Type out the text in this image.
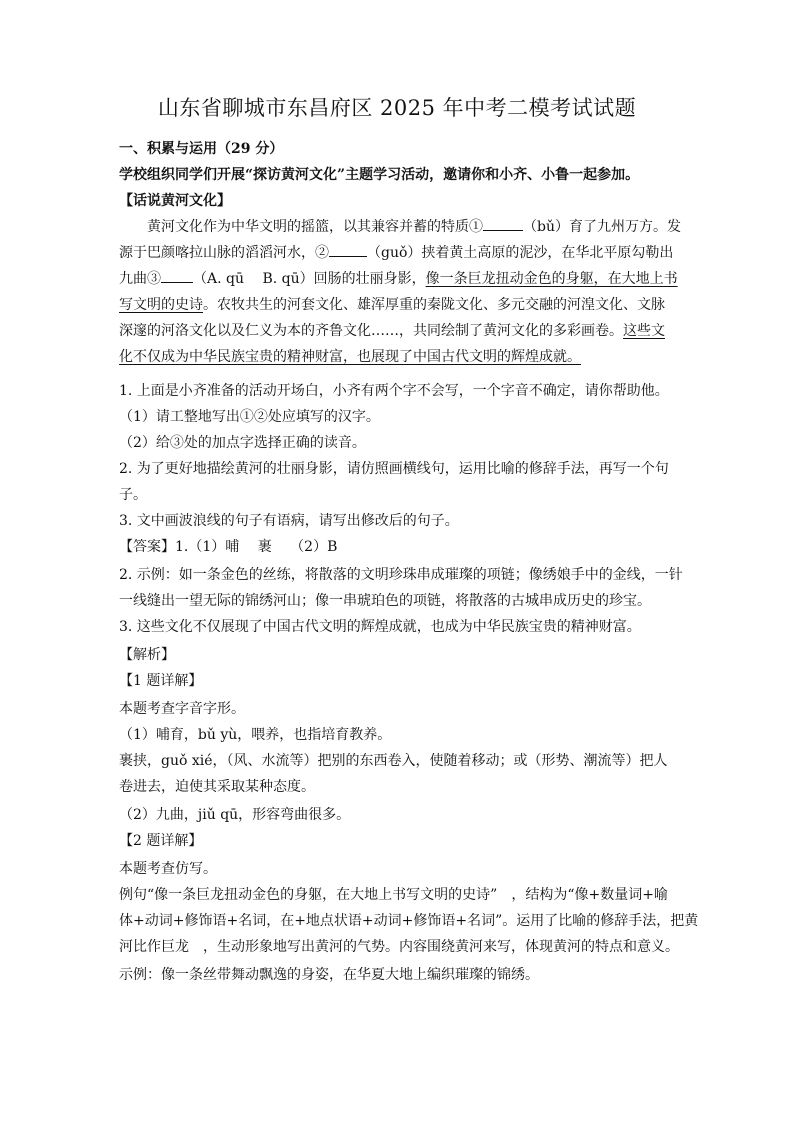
山东省聊城市东昌府区 2025 年中考二模考试试题
一、积累与运用（29 分）
学校组织同学们开展“探访黄河文化”主题学习活动，邀请你和小齐、小鲁一起参加。
【话说黄河文化】
黄河文化作为中华文明的摇篮，以其兼容并蓄的特质①	（bǔ）育了九州万方。发
源于巴颜喀拉山脉的滔滔河水，②	（guǒ）挟着黄土高原的泥沙，在华北平原勾勒出
九曲③ （A. qū　 B. qū）回肠的壮丽身影，像一条巨龙扭动金色的身躯，在大地上书
写文明的史诗。农牧共生的河套文化、雄浑厚重的秦陇文化、多元交融的河湟文化、文脉
深邃的河洛文化以及仁义为本的齐鲁文化……，共同绘制了黄河文化的多彩画卷。这些文
化不仅成为中华民族宝贵的精神财富，也展现了中国古代文明的辉煌成就。
1. 上面是小齐准备的活动开场白，小齐有两个字不会写，一个字音不确定，请你帮助他。
（1）请工整地写出①②处应填写的汉字。
（2）给③处的加点字选择正确的读音。
2. 为了更好地描绘黄河的壮丽身影，请仿照画横线句，运用比喻的修辞手法，再写一个句
子。
3. 文中画波浪线的句子有语病，请写出修改后的句子。
【答案】1.（1）哺　 裹　 （2）B
2. 示例：如一条金色的丝练，将散落的文明珍珠串成璀璨的项链；像绣娘手中的金线，一针
一线缝出一望无际的锦绣河山；像一串琥珀色的项链，将散落的古城串成历史的珍宝。
3. 这些文化不仅展现了中国古代文明的辉煌成就，也成为中华民族宝贵的精神财富。
【解析】
【1 题详解】
本题考查字音字形。
（1）哺育，bǔ yù，喂养，也指培育教养。
裹挟，guǒ xié，（风、水流等）把别的东西卷入，使随着移动；或（形势、潮流等）把人
卷进去，迫使其采取某种态度。
（2）九曲，jiǔ qū，形容弯曲很多。
【2 题详解】
本题考查仿写。
例句“像一条巨龙扭动金色的身躯，在大地上书写文明的史诗”　，结构为“像+数量词+喻
体+动词+修饰语+名词，在+地点状语+动词+修饰语+名词”。运用了比喻的修辞手法，把黄
河比作巨龙　，生动形象地写出黄河的气势。内容围绕黄河来写，体现黄河的特点和意义。
示例：像一条丝带舞动飘逸的身姿，在华夏大地上编织璀璨的锦绣。
